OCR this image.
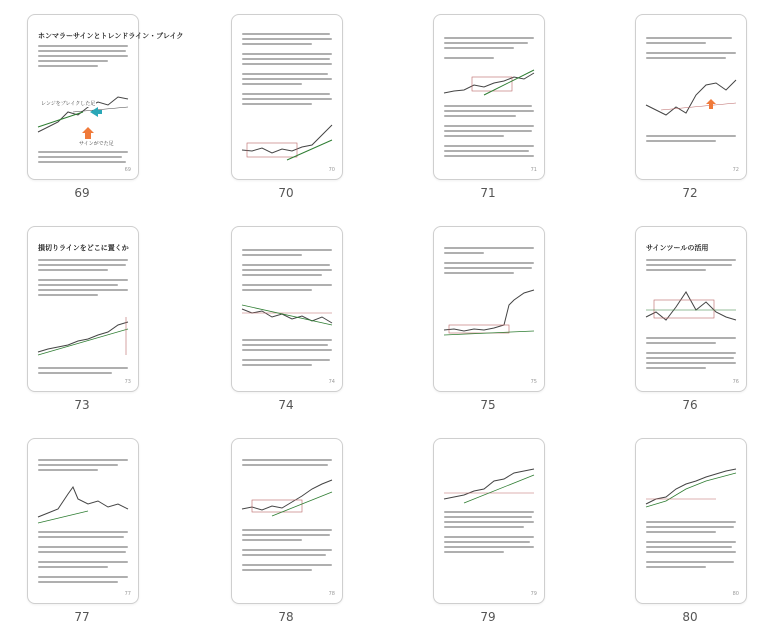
ホンマラーサインとトレンドライン・ブレイク
レンジをブレイクした足
サインがでた足
69
69
70
70
71
71
72
72
損切りラインをどこに置くか
73
73
74
74
75
75
サインツールの活用
76
76
77
77
78
78
79
79
80
80
